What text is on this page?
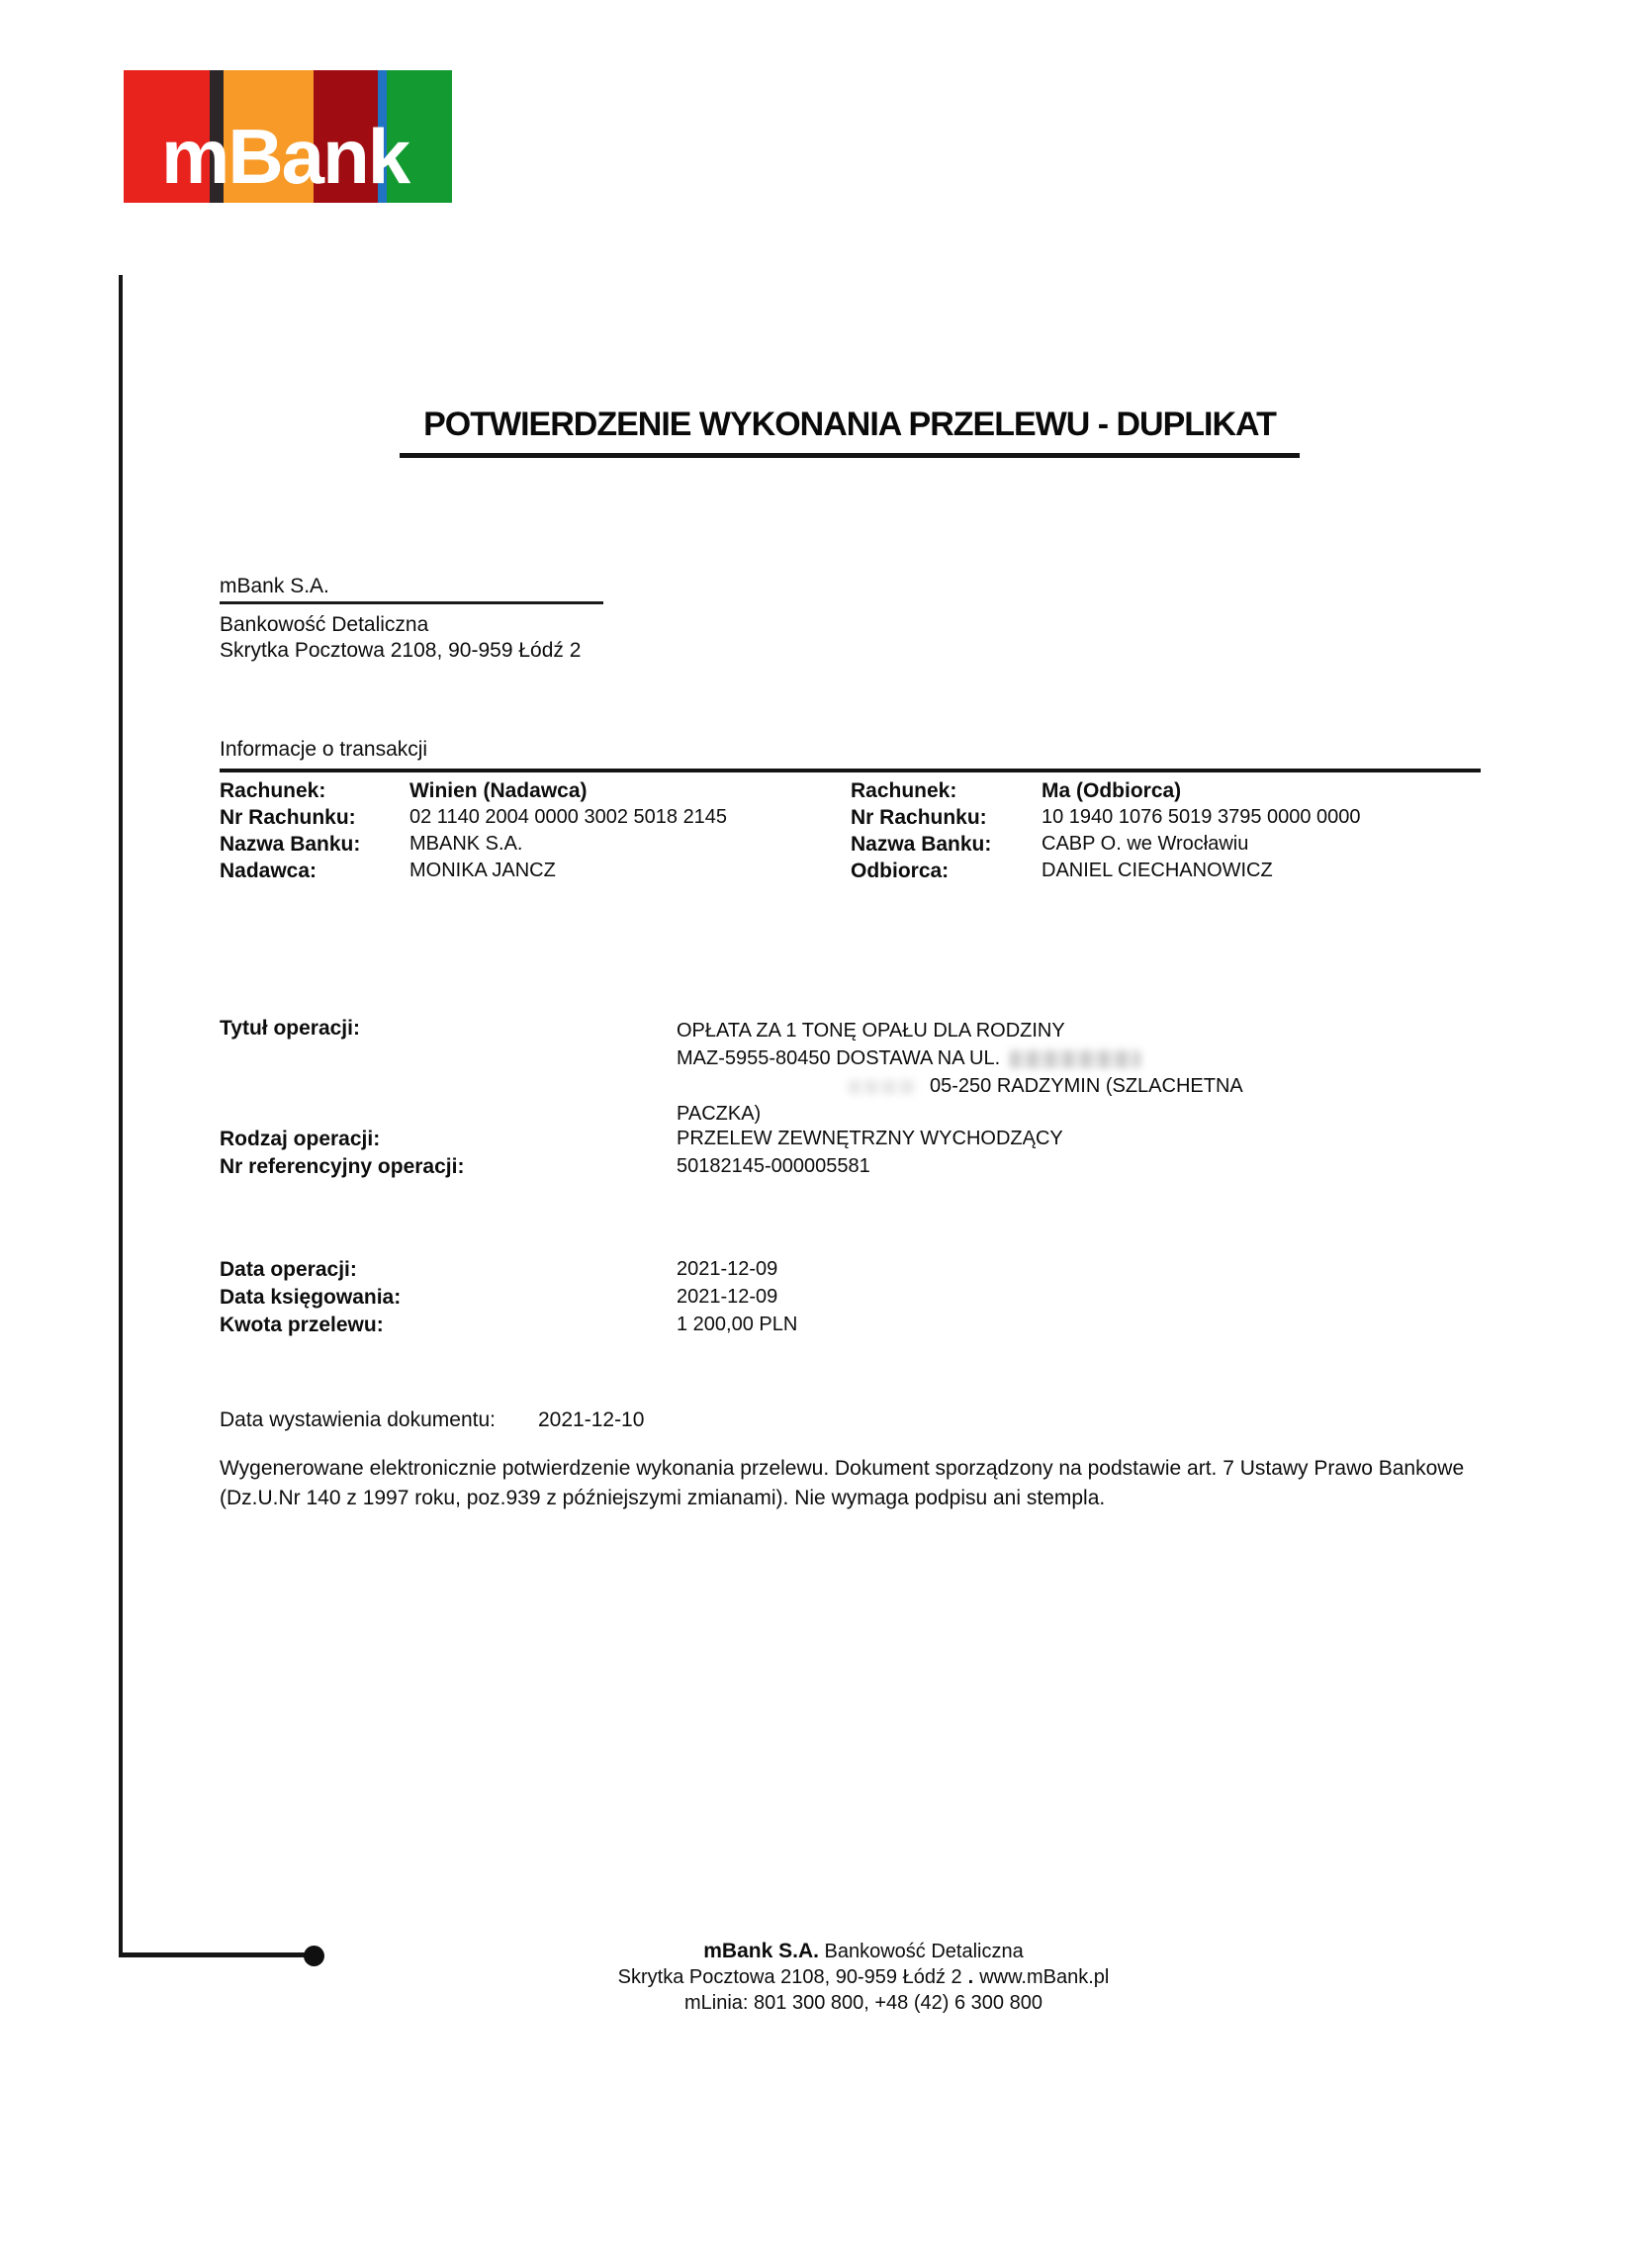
mBank
POTWIERDZENIE WYKONANIA PRZELEWU - DUPLIKAT
mBank S.A.
Bankowość Detaliczna
Skrytka Pocztowa 2108, 90-959 Łódź 2
Informacje o transakcji
Rachunek:	Winien (Nadawca)
Nr Rachunku:	02 1140 2004 0000 3002 5018 2145
Nazwa Banku:	MBANK S.A.
Nadawca:	MONIKA JANCZ
Rachunek:	Ma (Odbiorca)
Nr Rachunku:	10 1940 1076 5019 3795 0000 0000
Nazwa Banku:	CABP O. we Wrocławiu
Odbiorca:	DANIEL CIECHANOWICZ
Tytuł operacji:	OPŁATA ZA 1 TONĘ OPAŁU DLA RODZINY
MAZ-5955-80450 DOSTAWA NA UL.
05-250 RADZYMIN (SZLACHETNA
PACZKA)
Rodzaj operacji:	PRZELEW ZEWNĘTRZNY WYCHODZĄCY
Nr referencyjny operacji:	50182145-000005581
Data operacji:	2021-12-09
Data księgowania:	2021-12-09
Kwota przelewu:	1 200,00 PLN
Data wystawienia dokumentu:	2021-12-10

Wygenerowane elektronicznie potwierdzenie wykonania przelewu. Dokument sporządzony na podstawie art. 7 Ustawy Prawo Bankowe (Dz.U.Nr 140 z 1997 roku, poz.939 z późniejszymi zmianami). Nie wymaga podpisu ani stempla.

mBank S.A. Bankowość Detaliczna
Skrytka Pocztowa 2108, 90-959 Łódź 2 . www.mBank.pl
mLinia: 801 300 800, +48 (42) 6 300 800
